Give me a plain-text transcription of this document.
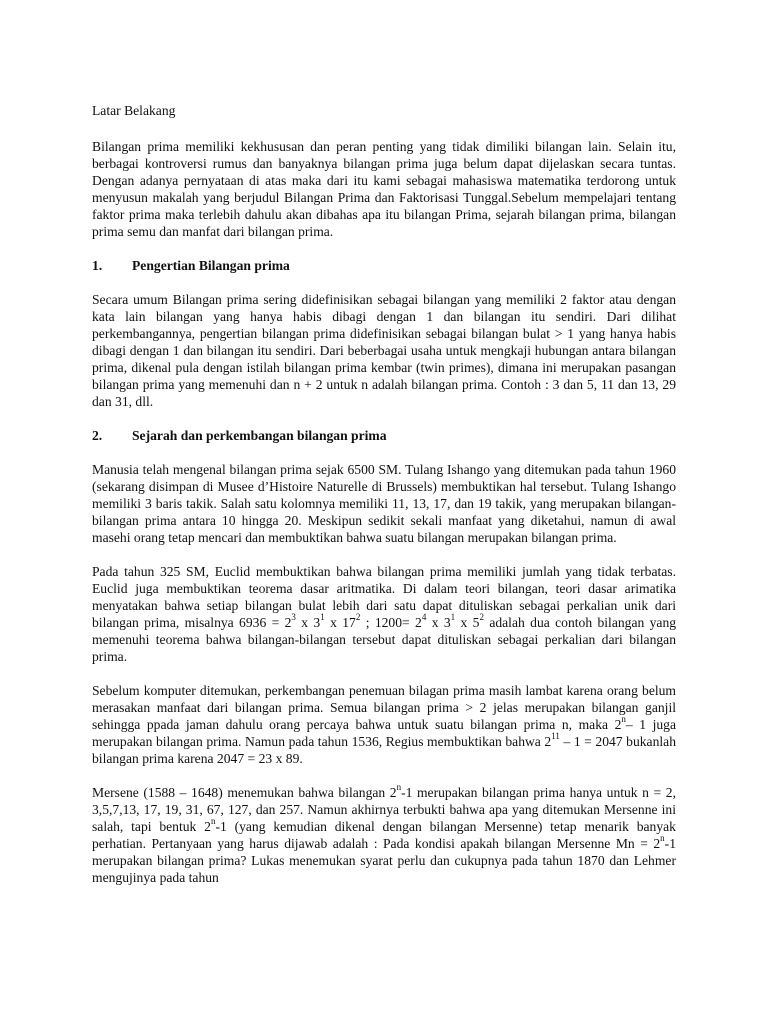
Latar Belakang

Bilangan prima memiliki kekhususan dan peran penting yang tidak dimiliki bilangan lain. Selain itu, berbagai kontroversi rumus dan banyaknya bilangan prima juga belum dapat dijelaskan secara tuntas. Dengan adanya pernyataan di atas maka dari itu kami sebagai mahasiswa matematika terdorong untuk menyusun makalah yang berjudul Bilangan Prima dan Faktorisasi Tunggal.Sebelum mempelajari tentang faktor prima maka terlebih dahulu akan dibahas apa itu bilangan Prima, sejarah bilangan prima, bilangan prima semu dan manfat dari bilangan prima.

1.	Pengertian Bilangan prima

Secara umum Bilangan prima sering didefinisikan sebagai bilangan yang memiliki 2 faktor atau dengan kata lain bilangan yang hanya habis dibagi dengan 1 dan bilangan itu sendiri. Dari dilihat perkembangannya, pengertian bilangan prima didefinisikan sebagai bilangan bulat > 1 yang hanya habis dibagi dengan 1 dan bilangan itu sendiri. Dari beberbagai usaha untuk mengkaji hubungan antara bilangan prima, dikenal pula dengan istilah bilangan prima kembar (twin primes), dimana ini merupakan pasangan bilangan prima yang memenuhi dan n + 2 untuk n adalah bilangan prima. Contoh : 3 dan 5, 11 dan 13, 29 dan 31, dll.

2.	Sejarah dan perkembangan bilangan prima

Manusia telah mengenal bilangan prima sejak 6500 SM. Tulang Ishango yang ditemukan pada tahun 1960 (sekarang disimpan di Musee d’Histoire Naturelle di Brussels) membuktikan hal tersebut. Tulang Ishango memiliki 3 baris takik. Salah satu kolomnya memiliki 11, 13, 17, dan 19 takik, yang merupakan bilangan-bilangan prima antara 10 hingga 20. Meskipun sedikit sekali manfaat yang diketahui, namun di awal masehi orang tetap mencari dan membuktikan bahwa suatu bilangan merupakan bilangan prima.

Pada tahun 325 SM, Euclid membuktikan bahwa bilangan prima memiliki jumlah yang tidak terbatas. Euclid juga membuktikan teorema dasar aritmatika. Di dalam teori bilangan, teori dasar arimatika menyatakan bahwa setiap bilangan bulat lebih dari satu dapat dituliskan sebagai perkalian unik dari bilangan prima, misalnya $6936 = 2^3$ x $3^1$ x $17^2$ ; $1200= 2^4$ x $3^1$ x $5^2$ adalah dua contoh bilangan yang memenuhi teorema bahwa bilangan-bilangan tersebut dapat dituliskan sebagai perkalian dari bilangan prima.

Sebelum komputer ditemukan, perkembangan penemuan bilagan prima masih lambat karena orang belum merasakan manfaat dari bilangan prima. Semua bilangan prima > 2 jelas merupakan bilangan ganjil sehingga ppada jaman dahulu orang percaya bahwa untuk suatu bilangan prima n, maka 2$^n$– 1 juga merupakan bilangan prima. Namun pada tahun 1536, Regius membuktikan bahwa $2^{11} - 1 = 2047$ bukanlah bilangan prima karena 2047 = 23 x 89.

Mersene (1588 – 1648) menemukan bahwa bilangan 2$^n$-1 merupakan bilangan prima hanya untuk n = 2, 3,5,7,13, 17, 19, 31, 67, 127, dan 257. Namun akhirnya terbukti bahwa apa yang ditemukan Mersenne ini salah, tapi bentuk 2$^n$-1 (yang kemudian dikenal dengan bilangan Mersenne) tetap menarik banyak perhatian. Pertanyaan yang harus dijawab adalah : Pada kondisi apakah bilangan Mersenne $Mn = 2^n-1$ merupakan bilangan prima? Lukas menemukan syarat perlu dan cukupnya pada tahun 1870 dan Lehmer mengujinya pada tahun
